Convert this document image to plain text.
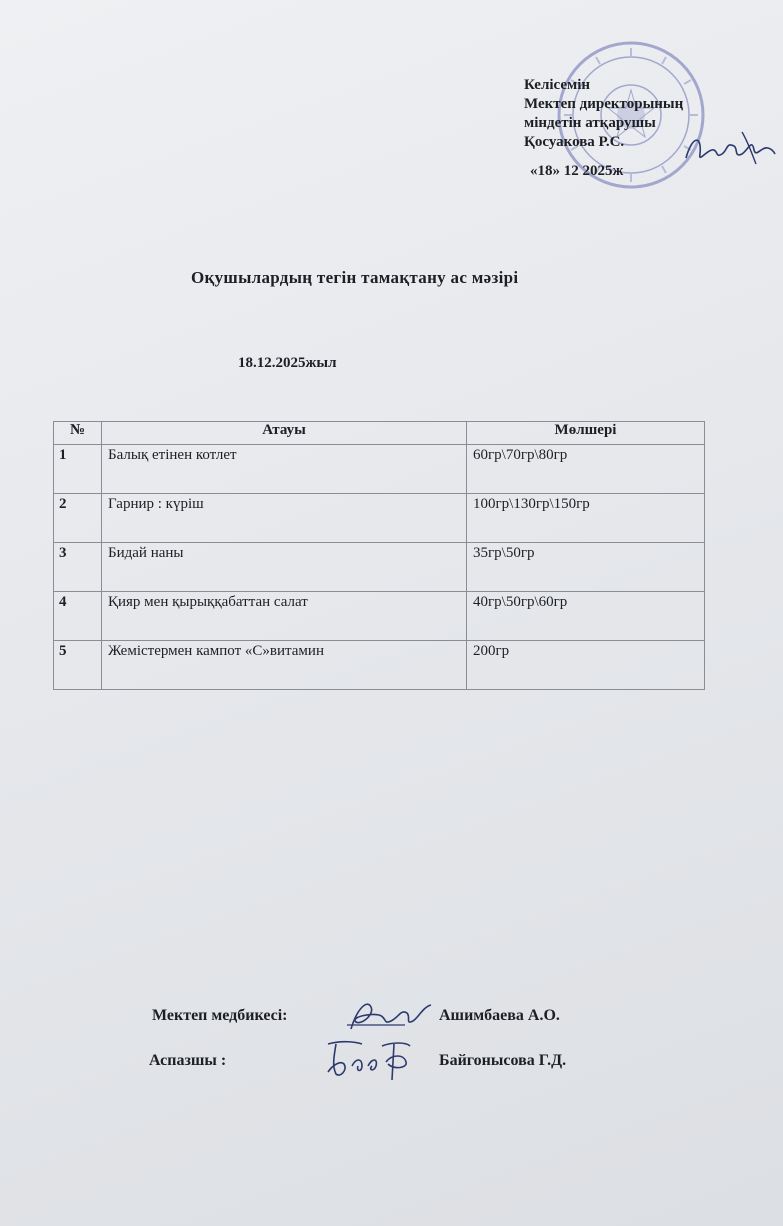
Келісемін
Мектеп директорының
міндетін атқарушы
Қосуакова Р.С.
«18» 12 2025ж
Оқушылардың тегін тамақтану ас мәзірі
18.12.2025жыл
№	Атауы	Мөлшері
1	Балық етінен котлет	60гр\70гр\80гр
2	Гарнир : күріш	100гр\130гр\150гр
3	Бидай наны	35гр\50гр
4	Қияр мен қырыққабаттан салат	40гр\50гр\60гр
5	Жемістермен кампот «С»витамин	200гр
Мектеп медбикесі:	Ашимбаева А.О.
Аспазшы :	Байгонысова Г.Д.
